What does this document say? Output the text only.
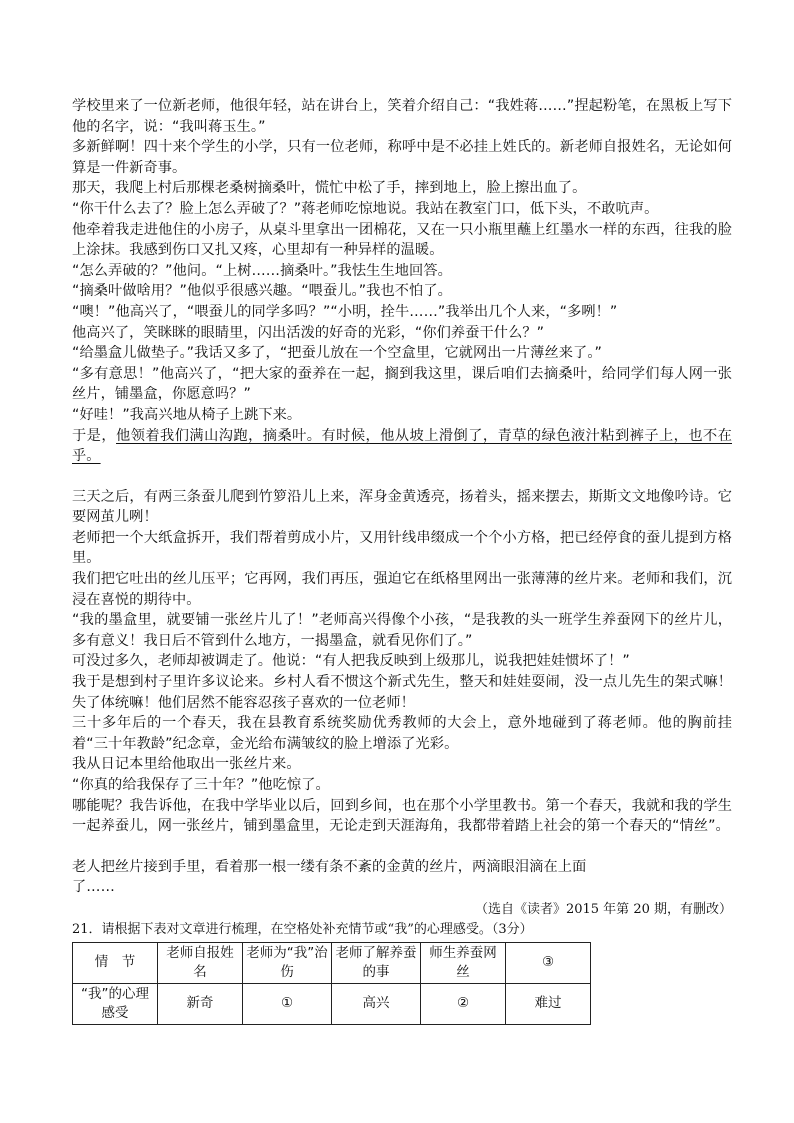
学校里来了一位新老师，他很年轻，站在讲台上，笑着介绍自己：“我姓蒋……”捏起粉笔，在黑板上写下他的名字，说：“我叫蒋玉生。”

多新鲜啊！四十来个学生的小学，只有一位老师，称呼中是不必挂上姓氏的。新老师自报姓名，无论如何算是一件新奇事。

那天，我爬上村后那棵老桑树摘桑叶，慌忙中松了手，摔到地上，脸上擦出血了。

“你干什么去了？脸上怎么弄破了？”蒋老师吃惊地说。我站在教室门口，低下头，不敢吭声。

他牵着我走进他住的小房子，从桌斗里拿出一团棉花，又在一只小瓶里蘸上红墨水一样的东西，往我的脸上涂抹。我感到伤口又扎又疼，心里却有一种异样的温暖。

“怎么弄破的？”他问。“上树……摘桑叶。”我怯生生地回答。

“摘桑叶做啥用？”他似乎很感兴趣。“喂蚕儿。”我也不怕了。

“噢！”他高兴了，“喂蚕儿的同学多吗？”“小明，拴牛……”我举出几个人来，“多咧！”

他高兴了，笑眯眯的眼睛里，闪出活泼的好奇的光彩，“你们养蚕干什么？”

“给墨盒儿做垫子。”我话又多了，“把蚕儿放在一个空盒里，它就网出一片薄丝来了。”

“多有意思！”他高兴了，“把大家的蚕养在一起，搁到我这里，课后咱们去摘桑叶，给同学们每人网一张丝片，铺墨盒，你愿意吗？”

“好哇！”我高兴地从椅子上跳下来。

于是，他领着我们满山沟跑，摘桑叶。有时候，他从坡上滑倒了，青草的绿色液汁粘到裤子上，也不在乎。

三天之后，有两三条蚕儿爬到竹箩沿儿上来，浑身金黄透亮，扬着头，摇来摆去，斯斯文文地像吟诗。它要网茧儿咧！

老师把一个大纸盒拆开，我们帮着剪成小片，又用针线串缀成一个个小方格，把已经停食的蚕儿提到方格里。

我们把它吐出的丝儿压平；它再网，我们再压，强迫它在纸格里网出一张薄薄的丝片来。老师和我们，沉浸在喜悦的期待中。

“我的墨盒里，就要铺一张丝片儿了！”老师高兴得像个小孩，“是我教的头一班学生养蚕网下的丝片儿，多有意义！我日后不管到什么地方，一揭墨盒，就看见你们了。”

可没过多久，老师却被调走了。他说：“有人把我反映到上级那儿，说我把娃娃惯坏了！”

我于是想到村子里许多议论来。乡村人看不惯这个新式先生，整天和娃娃耍闹，没一点儿先生的架式嘛！失了体统嘛！他们居然不能容忍孩子喜欢的一位老师！

三十多年后的一个春天，我在县教育系统奖励优秀教师的大会上，意外地碰到了蒋老师。他的胸前挂着“三十年教龄”纪念章，金光给布满皱纹的脸上增添了光彩。

我从日记本里给他取出一张丝片来。

“你真的给我保存了三十年？”他吃惊了。

哪能呢？我告诉他，在我中学毕业以后，回到乡间，也在那个小学里教书。第一个春天，我就和我的学生一起养蚕儿，网一张丝片，铺到墨盒里，无论走到天涯海角，我都带着踏上社会的第一个春天的“情丝”。

老人把丝片接到手里，看着那一根一缕有条不紊的金黄的丝片，两滴眼泪滴在上面

了……

（选自《读者》2015 年第 20 期，有删改）

21．请根据下表对文章进行梳理，在空格处补充情节或“我”的心理感受。（3分）

情　节	老师自报姓名	老师为“我”治伤	老师了解养蚕的事	师生养蚕网丝	③
“我”的心理感受	新奇	①	高兴	②	难过
